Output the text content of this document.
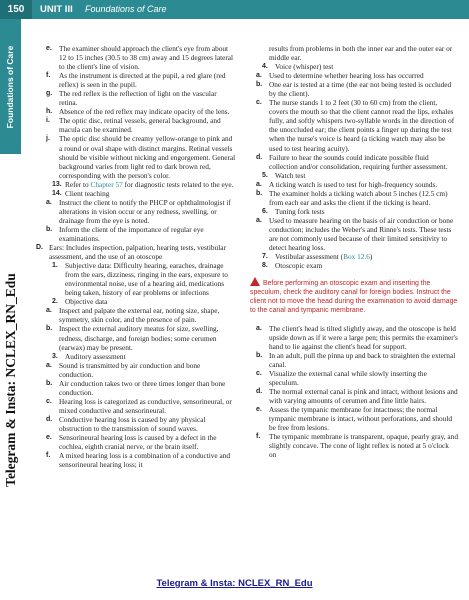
150	UNIT III Foundations of Care
Foundations of Care
Telegram & Insta: NCLEX_RN_Edu
e. The examiner should approach the client's eye from about 12 to 15 inches (30.5 to 38 cm) away and 15 degrees lateral to the client's line of vision.
f. As the instrument is directed at the pupil, a red glare (red reflex) is seen in the pupil.
g. The red reflex is the reflection of light on the vascular retina.
h. Absence of the red reflex may indicate opacity of the lens.
i. The optic disc, retinal vessels, general background, and macula can be examined.
j. The optic disc should be creamy yellow-orange to pink and a round or oval shape with distinct margins. Retinal vessels should be visible without nicking and engorgement. General background varies from light red to dark brown red, corresponding with the person's color.
13. Refer to Chapter 57 for diagnostic tests related to the eye.
14. Client teaching
a. Instruct the client to notify the PHCP or ophthalmologist if alterations in vision occur or any redness, swelling, or drainage from the eye is noted.
b. Inform the client of the importance of regular eye examinations.
D. Ears: Includes inspection, palpation, hearing tests, vestibular assessment, and the use of an otoscope
1. Subjective data: Difficulty hearing, earaches, drainage from the ears, dizziness, ringing in the ears, exposure to environmental noise, use of a hearing aid, medications being taken, history of ear problems or infections
2. Objective data
a. Inspect and palpate the external ear, noting size, shape, symmetry, skin color, and the presence of pain.
b. Inspect the external auditory meatus for size, swelling, redness, discharge, and foreign bodies; some cerumen (earwax) may be present.
3. Auditory assessment
a. Sound is transmitted by air conduction and bone conduction.
b. Air conduction takes two or three times longer than bone conduction.
c. Hearing loss is categorized as conductive, sensorineural, or mixed conductive and sensorineural.
d. Conductive hearing loss is caused by any physical obstruction to the transmission of sound waves.
e. Sensorineural hearing loss is caused by a defect in the cochlea, eighth cranial nerve, or the brain itself.
f. A mixed hearing loss is a combination of a conductive and sensorineural hearing loss; it
results from problems in both the inner ear and the outer ear or middle ear.
4. Voice (whisper) test
a. Used to determine whether hearing loss has occurred
b. One ear is tested at a time (the ear not being tested is occluded by the client).
c. The nurse stands 1 to 2 feet (30 to 60 cm) from the client, covers the mouth so that the client cannot read the lips, exhales fully, and softly whispers two-syllable words in the direction of the unoccluded ear; the client points a finger up during the test when the nurse's voice is heard (a ticking watch may also be used to test hearing acuity).
d. Failure to hear the sounds could indicate possible fluid collection and/or consolidation, requiring further assessment.
5. Watch test
a. A ticking watch is used to test for high-frequency sounds.
b. The examiner holds a ticking watch about 5 inches (12.5 cm) from each ear and asks the client if the ticking is heard.
6. Tuning fork tests
a. Used to measure hearing on the basis of air conduction or bone conduction; includes the Weber's and Rinne's tests. These tests are not commonly used because of their limited sensitivity to detect hearing loss.
7. Vestibular assessment (Box 12.6)
8. Otoscopic exam
Before performing an otoscopic exam and inserting the speculum, check the auditory canal for foreign bodies. Instruct the client not to move the head during the examination to avoid damage to the canal and tympanic membrane.
a. The client's head is tilted slightly away, and the otoscope is held upside down as if it were a large pen; this permits the examiner's hand to lie against the client's head for support.
b. In an adult, pull the pinna up and back to straighten the external canal.
c. Visualize the external canal while slowly inserting the speculum.
d. The normal external canal is pink and intact, without lesions and with varying amounts of cerumen and fine little hairs.
e. Assess the tympanic membrane for intactness; the normal tympanic membrane is intact, without perforations, and should be free from lesions.
f. The tympanic membrane is transparent, opaque, pearly gray, and slightly concave. The cone of light reflex is noted at 5 o'clock on
Telegram & Insta: NCLEX_RN_Edu
